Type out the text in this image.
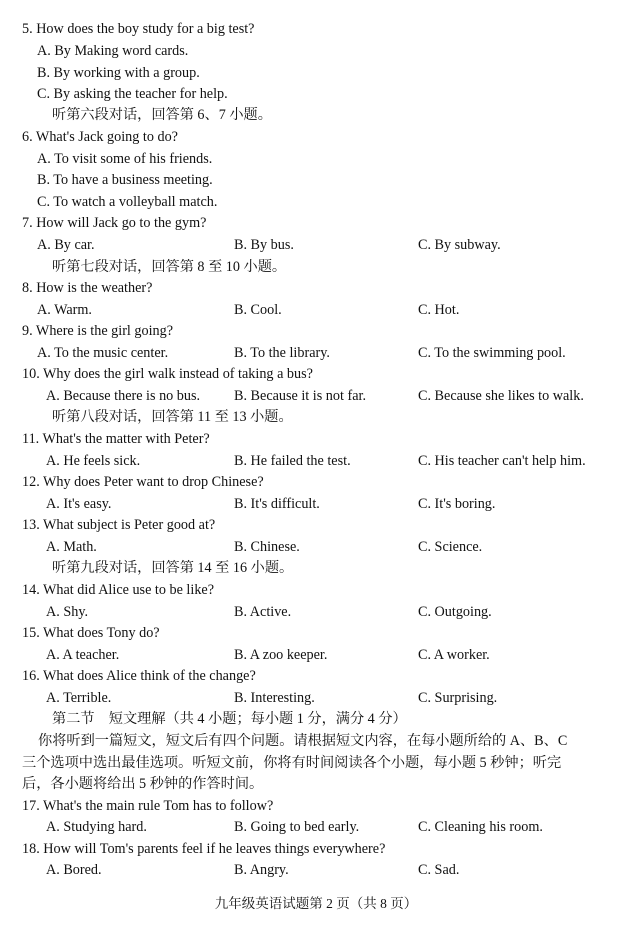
5. How does the boy study for a big test?
A. By Making word cards.
B. By working with a group.
C. By asking the teacher for help.
听第六段对话，回答第 6、7 小题。
6. What's Jack going to do?
A. To visit some of his friends.
B. To have a business meeting.
C. To watch a volleyball match.
7. How will Jack go to the gym?
A. By car.	B. By bus.	C. By subway.
听第七段对话，回答第 8 至 10 小题。
8. How is the weather?
A. Warm.	B. Cool.	C. Hot.
9. Where is the girl going?
A. To the music center.	B. To the library.	C. To the swimming pool.
10. Why does the girl walk instead of taking a bus?
A. Because there is no bus. B. Because it is not far.	C. Because she likes to walk.
听第八段对话，回答第 11 至 13 小题。
11. What's the matter with Peter?
A. He feels sick.	B. He failed the test.	C. His teacher can't help him.
12. Why does Peter want to drop Chinese?
A. It's easy.	B. It's difficult.	C. It's boring.
13. What subject is Peter good at?
A. Math.	B. Chinese.	C. Science.
听第九段对话，回答第 14 至 16 小题。
14. What did Alice use to be like?
A. Shy.	B. Active.	C. Outgoing.
15. What does Tony do?
A. A teacher.	B. A zoo keeper.	C. A worker.
16. What does Alice think of the change?
A. Terrible.	B. Interesting.	C. Surprising.
第二节　短文理解（共 4 小题；每小题 1 分，满分 4 分）
你将听到一篇短文，短文后有四个问题。请根据短文内容，在每小题所给的 A、B、C
三个选项中选出最佳选项。听短文前，你将有时间阅读各个小题，每小题 5 秒钟；听完
后，各小题将给出 5 秒钟的作答时间。
17. What's the main rule Tom has to follow?
A. Studying hard.	B. Going to bed early.	C. Cleaning his room.
18. How will Tom's parents feel if he leaves things everywhere?
A. Bored.	B. Angry.	C. Sad.
九年级英语试题第 2 页（共 8 页）
